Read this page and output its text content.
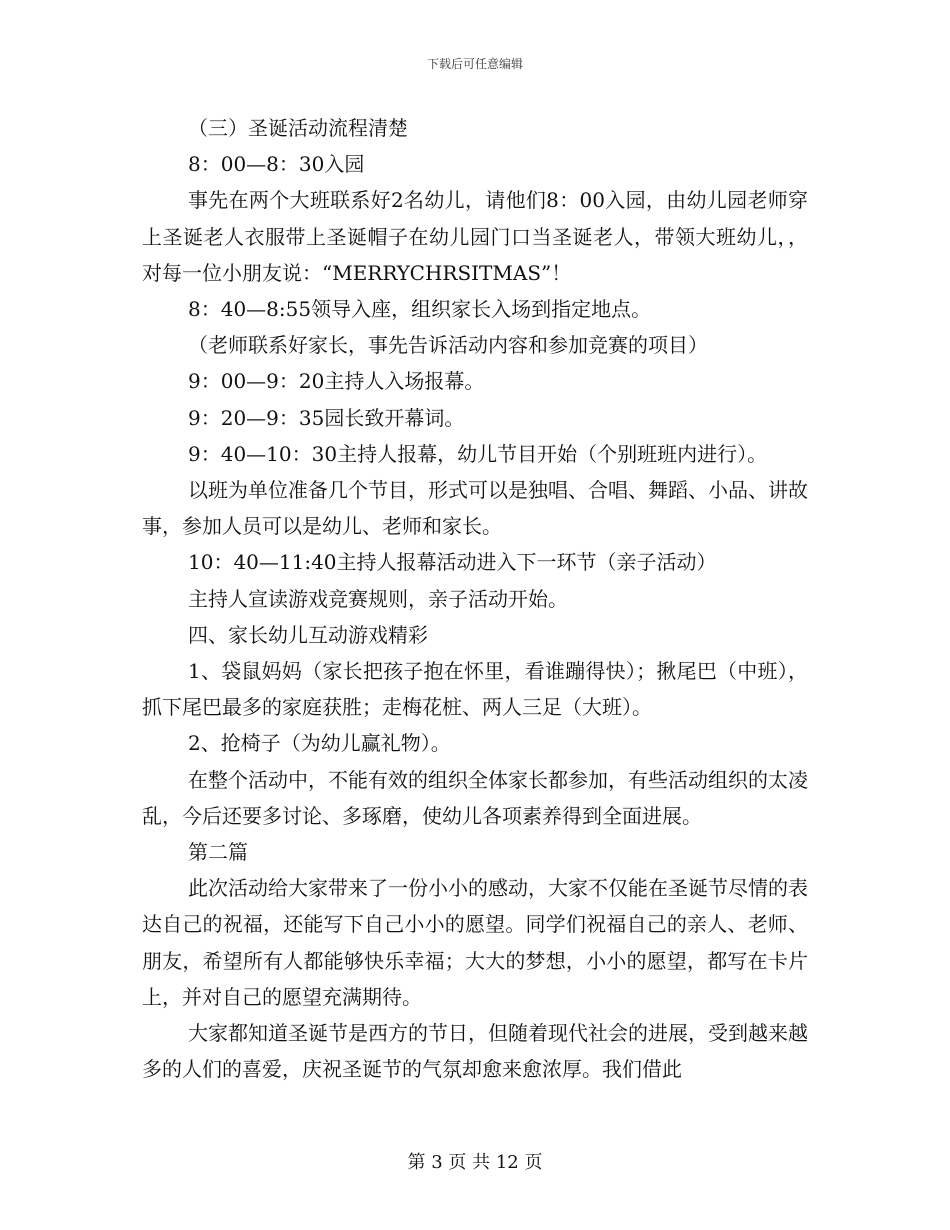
下载后可任意编辑

（三）圣诞活动流程清楚

8：00—8：30入园

事先在两个大班联系好2名幼儿，请他们8：00入园，由幼儿园老师穿上圣诞老人衣服带上圣诞帽子在幼儿园门口当圣诞老人，带领大班幼儿，，对每一位小朋友说：“MERRYCHRSITMAS”！

8：40—8:55领导入座，组织家长入场到指定地点。

（老师联系好家长，事先告诉活动内容和参加竞赛的项目）

9：00—9：20主持人入场报幕。

9：20—9：35园长致开幕词。

9：40—10：30主持人报幕，幼儿节目开始（个别班班内进行）。

以班为单位准备几个节目，形式可以是独唱、合唱、舞蹈、小品、讲故事，参加人员可以是幼儿、老师和家长。

10：40—11:40主持人报幕活动进入下一环节（亲子活动）

主持人宣读游戏竞赛规则，亲子活动开始。

四、家长幼儿互动游戏精彩

1、袋鼠妈妈（家长把孩子抱在怀里，看谁蹦得快）；揪尾巴（中班），抓下尾巴最多的家庭获胜；走梅花桩、两人三足（大班）。

2、抢椅子（为幼儿赢礼物）。

在整个活动中，不能有效的组织全体家长都参加，有些活动组织的太凌乱，今后还要多讨论、多琢磨，使幼儿各项素养得到全面进展。

第二篇

此次活动给大家带来了一份小小的感动，大家不仅能在圣诞节尽情的表达自己的祝福，还能写下自己小小的愿望。同学们祝福自己的亲人、老师、朋友，希望所有人都能够快乐幸福；大大的梦想，小小的愿望，都写在卡片上，并对自己的愿望充满期待。

大家都知道圣诞节是西方的节日，但随着现代社会的进展，受到越来越多的人们的喜爱，庆祝圣诞节的气氛却愈来愈浓厚。我们借此

第 3 页 共 12 页
